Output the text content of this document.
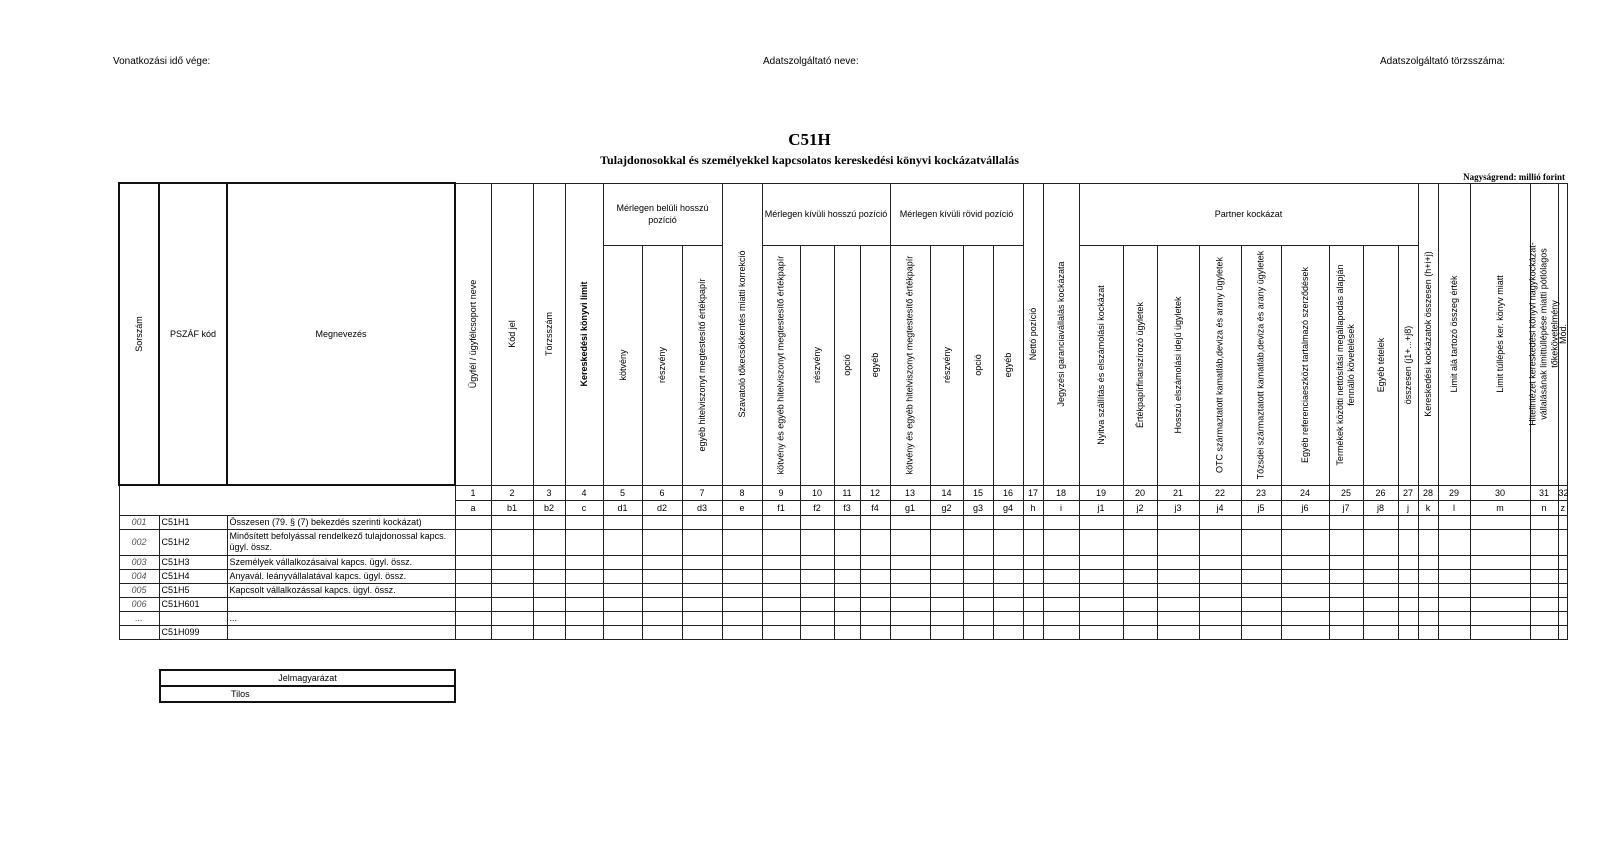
Vonatkozási idő vége:	Adatszolgáltató neve:	Adatszolgáltató törzsszáma:
C51H
Tulajdonosokkal és személyekkel kapcsolatos kereskedési könyvi kockázatvállalás
Nagyságrend: millió forint
Sorszám	PSZÁF kód	Megnevezés	Ügyfél / ügyfélcsoport neve	Kód jel	Törzsszám	Kereskedési könyvi limit	Mérlegen belüli hosszú pozíció			Szavatoló tőkecsökkentés miatti korrekció	Mérlegen kívüli hosszú pozíció				Mérlegen kívüli rövid pozíció				Nettó pozíció	Jegyzési garanciavállalás kockázata	Partner kockázat									Kereskedési kockázatok összesen (h+i+j)	Limit alá tartozó összeg érték	Limit túllépés ker. könyv miatt	Hitelintézet kereskedési könyvi nagykockázat-vállalásának limittúllépése miatti pótlólagos tőkekövetelmény	Mód.

							kötvény	részvény	egyéb hitelviszonyt megtestesítő értékpapír		kötvény és egyéb hitelviszonyt megtestesítő értékpapír	részvény	opció	egyéb	kötvény és egyéb hitelviszonyt megtestesítő értékpapír	részvény	opció	egyéb			Nyitva szállítás és elszámolási kockázat	Értékpapírfinanszírozó ügyletek	Hosszú elszámolási idejű ügyletek	OTC származtatott kamatláb,deviza és arany ügyletek	Tőzsdei származtatott kamatláb,deviza és arany ügyletek	Egyéb referenciaeszközt tartalmazó szerződések	Termékek közötti nettósítási megállapodás alapján fennálló követelések	Egyéb tételek	összesen (j1+...+j8)					

			1	2	3	4	5	6	7	8	9	10	11	12	13	14	15	16	17	18	19	20	21	22	23	24	25	26	27	28	29	30	31	32
			a	b1	b2	c	d1	d2	d3	e	f1	f2	f3	f4	g1	g2	g3	g4	h	i	j1	j2	j3	j4	j5	j6	j7	j8	j	k	l	m	n	z
001	C51H1	Összesen (79. § (7) bekezdés szerinti kockázat)																																
002	C51H2	Minősített befolyással rendelkező tulajdonossal kapcs. ügyl. össz.																																
003	C51H3	Személyek vállalkozásaival kapcs. ügyl. össz.																																
004	C51H4	Anyavál. leányvállalatával kapcs. ügyl. össz.																																
005	C51H5	Kapcsolt vállalkozással kapcs. ügyl. össz.																																
006	C51H601																																	
...		...																																
	C51H099																																	
Jelmagyarázat
Tilos
